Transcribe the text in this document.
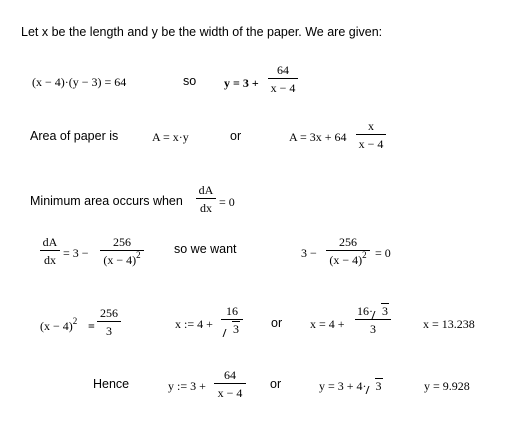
Let x be the length and y be the width of the paper. We are given:
(x − 4)·(y − 3) = 64	so y = 3 +
64
x − 4
Area of paper is	A = x·y	or	A = 3x + 64
x
x − 4
Minimum area occurs when
dA
dx = 0
dA
dx = 3 −
256
$(x - 4)^2$	so we want	3 −
256
$(x - 4)^2 = 0$
$(x - 4)^2$ =
256
3	x := 4 +
16
3	or x = 4 +
16· 3
3	x = 13.238
Hence	y := 3 +
64
x − 4
or	y = 3 + 4· 3	y = 9.928
